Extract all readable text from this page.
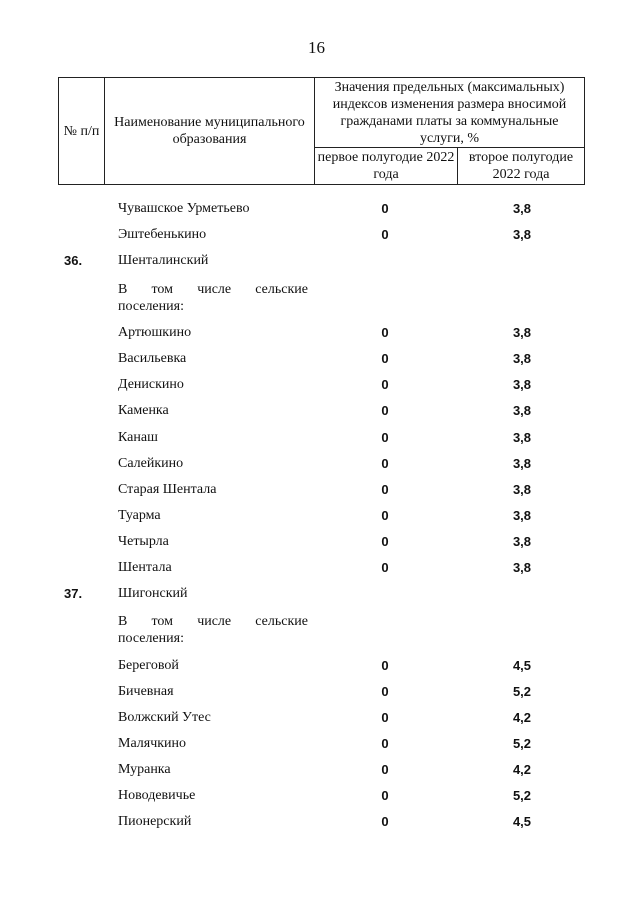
16
№ п/п	Наименование муниципального образования	Значения предельных (максимальных) индексов изменения размера вносимой гражданами платы за коммунальные услуги, %	
		первое полугодие 2022 года	второе полугодие 2022 года
Чувашское Урметьево	0	3,8
Эштебенькино	0	3,8
36.	Шенталинский
В том числе сельские
поселения:
Артюшкино	0	3,8
Васильевка	0	3,8
Денискино	0	3,8
Каменка	0	3,8
Канаш	0	3,8
Салейкино	0	3,8
Старая Шентала	0	3,8
Туарма	0	3,8
Четырла	0	3,8
Шентала	0	3,8
37.	Шигонский
В том числе сельские
поселения:
Береговой	0	4,5
Бичевная	0	5,2
Волжский Утес	0	4,2
Малячкино	0	5,2
Муранка	0	4,2
Новодевичье	0	5,2
Пионерский	0	4,5
